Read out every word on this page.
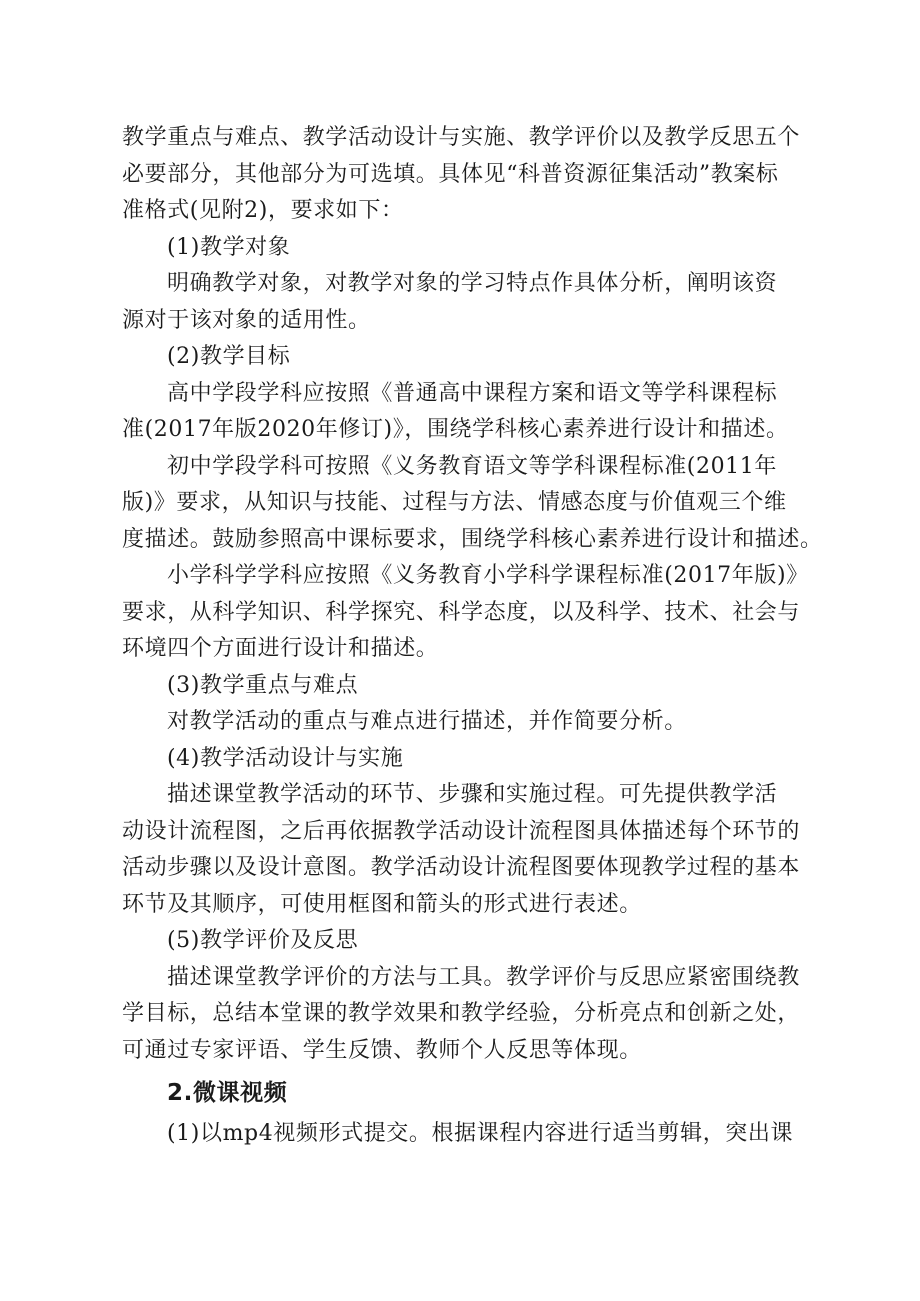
教学重点与难点、教学活动设计与实施、教学评价以及教学反思五个
必要部分，其他部分为可选填。具体见“科普资源征集活动”教案标
准格式(见附2)，要求如下：
(1)教学对象
明确教学对象，对教学对象的学习特点作具体分析，阐明该资
源对于该对象的适用性。
(2)教学目标
高中学段学科应按照《普通高中课程方案和语文等学科课程标
准(2017年版2020年修订)》，围绕学科核心素养进行设计和描述。
初中学段学科可按照《义务教育语文等学科课程标准(2011年
版)》要求，从知识与技能、过程与方法、情感态度与价值观三个维
度描述。鼓励参照高中课标要求，围绕学科核心素养进行设计和描述。
小学科学学科应按照《义务教育小学科学课程标准(2017年版)》
要求，从科学知识、科学探究、科学态度，以及科学、技术、社会与
环境四个方面进行设计和描述。
(3)教学重点与难点
对教学活动的重点与难点进行描述，并作简要分析。
(4)教学活动设计与实施
描述课堂教学活动的环节、步骤和实施过程。可先提供教学活
动设计流程图，之后再依据教学活动设计流程图具体描述每个环节的
活动步骤以及设计意图。教学活动设计流程图要体现教学过程的基本
环节及其顺序，可使用框图和箭头的形式进行表述。
(5)教学评价及反思
描述课堂教学评价的方法与工具。教学评价与反思应紧密围绕教
学目标，总结本堂课的教学效果和教学经验，分析亮点和创新之处，
可通过专家评语、学生反馈、教师个人反思等体现。
2.微课视频
(1)以mp4视频形式提交。根据课程内容进行适当剪辑，突出课
